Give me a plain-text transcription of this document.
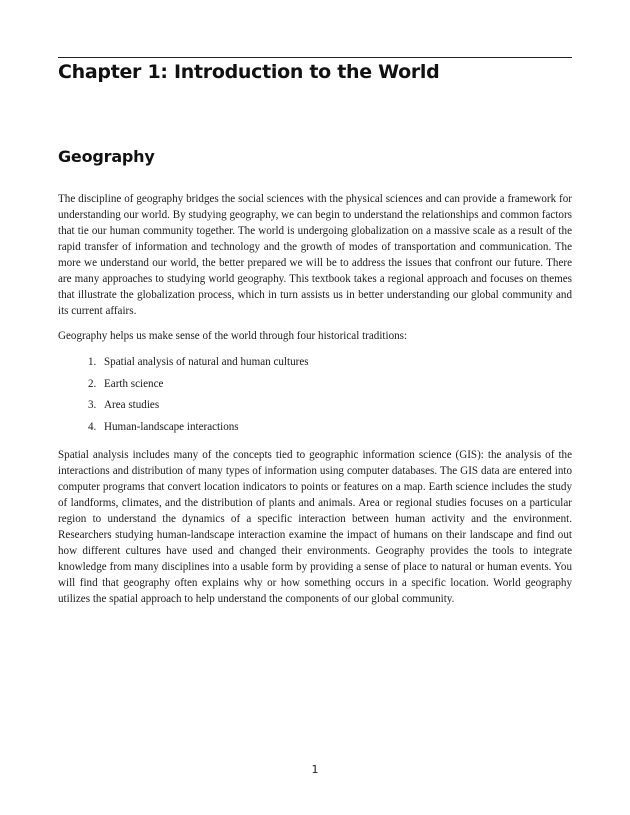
Chapter 1: Introduction to the World
Geography

The discipline of geography bridges the social sciences with the physical sciences and can provide a framework for understanding our world. By studying geography, we can begin to understand the relationships and common factors that tie our human community together. The world is undergoing globalization on a massive scale as a result of the rapid transfer of information and technology and the growth of modes of transportation and communication. The more we understand our world, the better prepared we will be to address the issues that confront our future. There are many approaches to studying world geography. This textbook takes a regional approach and focuses on themes that illustrate the globalization process, which in turn assists us in better understanding our global community and its current affairs.

Geography helps us make sense of the world through four historical traditions:

1. Spatial analysis of natural and human cultures
2. Earth science
3. Area studies
4. Human-landscape interactions

Spatial analysis includes many of the concepts tied to geographic information science (GIS): the analysis of the interactions and distribution of many types of information using computer databases. The GIS data are entered into computer programs that convert location indicators to points or features on a map. Earth science includes the study of landforms, climates, and the distribution of plants and animals. Area or regional studies focuses on a particular region to understand the dynamics of a specific interaction between human activity and the environment. Researchers studying human-landscape interaction examine the impact of humans on their landscape and find out how different cultures have used and changed their environments. Geography provides the tools to integrate knowledge from many disciplines into a usable form by providing a sense of place to natural or human events. You will find that geography often explains why or how something occurs in a specific location. World geography utilizes the spatial approach to help understand the components of our global community.

1
